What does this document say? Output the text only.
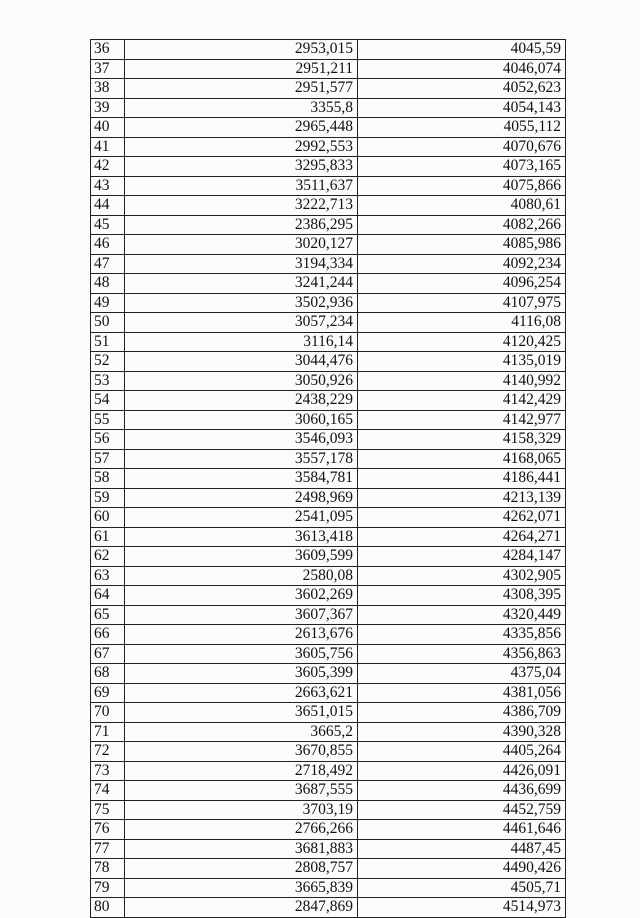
36	2953,015	4045,59
37	2951,211	4046,074
38	2951,577	4052,623
39	3355,8	4054,143
40	2965,448	4055,112
41	2992,553	4070,676
42	3295,833	4073,165
43	3511,637	4075,866
44	3222,713	4080,61
45	2386,295	4082,266
46	3020,127	4085,986
47	3194,334	4092,234
48	3241,244	4096,254
49	3502,936	4107,975
50	3057,234	4116,08
51	3116,14	4120,425
52	3044,476	4135,019
53	3050,926	4140,992
54	2438,229	4142,429
55	3060,165	4142,977
56	3546,093	4158,329
57	3557,178	4168,065
58	3584,781	4186,441
59	2498,969	4213,139
60	2541,095	4262,071
61	3613,418	4264,271
62	3609,599	4284,147
63	2580,08	4302,905
64	3602,269	4308,395
65	3607,367	4320,449
66	2613,676	4335,856
67	3605,756	4356,863
68	3605,399	4375,04
69	2663,621	4381,056
70	3651,015	4386,709
71	3665,2	4390,328
72	3670,855	4405,264
73	2718,492	4426,091
74	3687,555	4436,699
75	3703,19	4452,759
76	2766,266	4461,646
77	3681,883	4487,45
78	2808,757	4490,426
79	3665,839	4505,71
80	2847,869	4514,973
